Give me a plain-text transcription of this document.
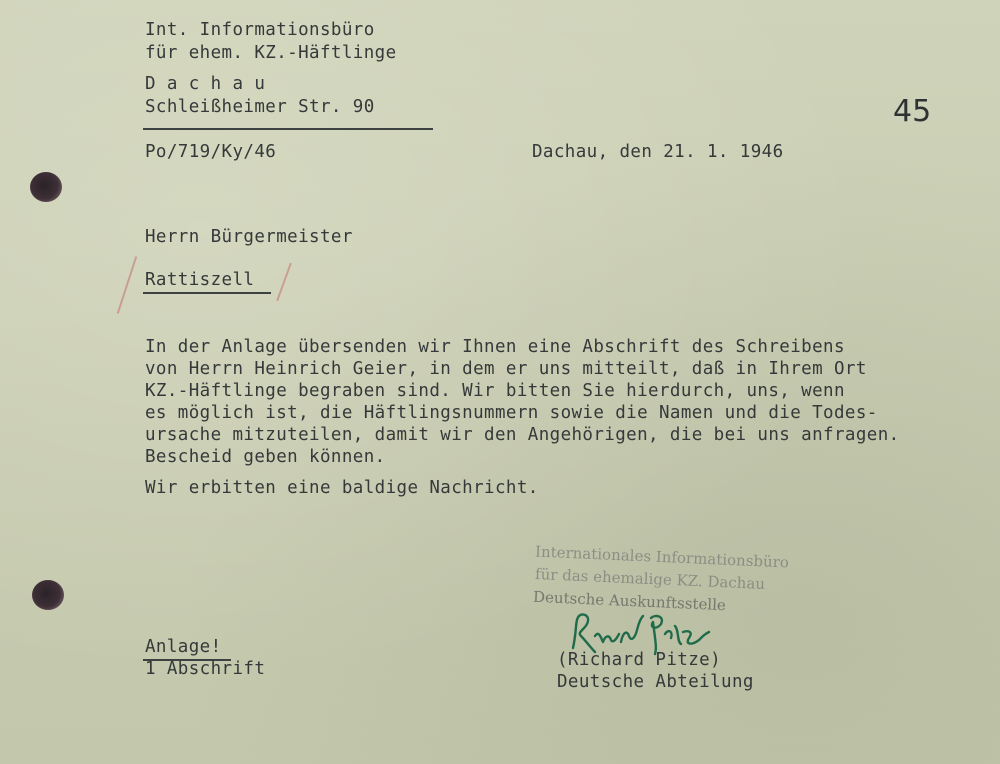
Int. Informationsbüro
für ehem. KZ.-Häftlinge
D a c h a u
Schleißheimer Str. 90
Po/719/Ky/46	Dachau, den 21. 1. 1946
45
Herrn Bürgermeister
Rattiszell
In der Anlage übersenden wir Ihnen eine Abschrift des Schreibens
von Herrn Heinrich Geier, in dem er uns mitteilt, daß in Ihrem Ort
KZ.-Häftlinge begraben sind. Wir bitten Sie hierdurch, uns, wenn
es möglich ist, die Häftlingsnummern sowie die Namen und die Todes-
ursache mitzuteilen, damit wir den Angehörigen, die bei uns anfragen.
Bescheid geben können.
Wir erbitten eine baldige Nachricht.
Internationales Informationsbüro
für das ehemalige KZ. Dachau
Deutsche Auskunftsstelle
(Richard Pitze)
Deutsche Abteilung
Anlage!
1 Abschrift
